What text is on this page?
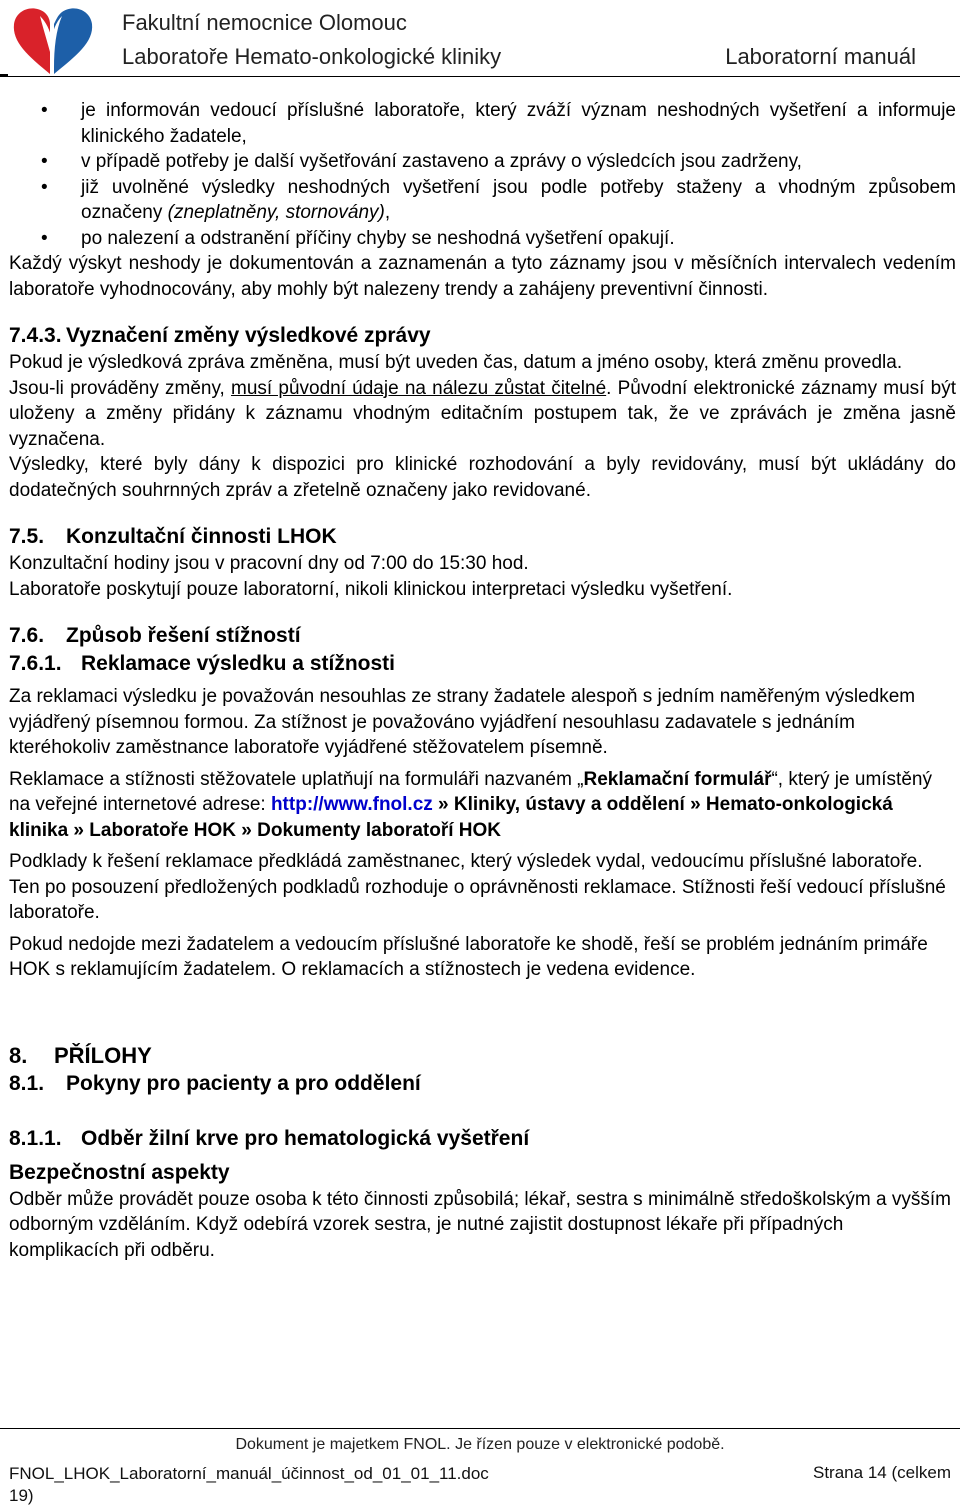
Fakultní nemocnice Olomouc
Laboratoře Hemato-onkologické kliniky	Laboratorní manuál
• je informován vedoucí příslušné laboratoře, který zváží význam neshodných vyšetření a informuje klinického žadatele,
• v případě potřeby je další vyšetřování zastaveno a zprávy o výsledcích jsou zadrženy,
• již uvolněné výsledky neshodných vyšetření jsou podle potřeby staženy a vhodným způsobem označeny (zneplatněny, stornovány),
• po nalezení a odstranění příčiny chyby se neshodná vyšetření opakují.

Každý výskyt neshody je dokumentován a zaznamenán a tyto záznamy jsou v měsíčních intervalech vedením laboratoře vyhodnocovány, aby mohly být nalezeny trendy a zahájeny preventivní činnosti.

7.4.3. Vyznačení změny výsledkové zprávy

Pokud je výsledková zpráva změněna, musí být uveden čas, datum a jméno osoby, která změnu provedla.

Jsou-li prováděny změny, musí původní údaje na nálezu zůstat čitelné. Původní elektronické záznamy musí být uloženy a změny přidány k záznamu vhodným editačním postupem tak, že ve zprávách je změna jasně vyznačena.

Výsledky, které byly dány k dispozici pro klinické rozhodování a byly revidovány, musí být ukládány do dodatečných souhrnných zpráv a zřetelně označeny jako revidované.

7.5. Konzultační činnosti LHOK

Konzultační hodiny jsou v pracovní dny od 7:00 do 15:30 hod.

Laboratoře poskytují pouze laboratorní, nikoli klinickou interpretaci výsledku vyšetření.

7.6. Způsob řešení stížností
7.6.1. Reklamace výsledku a stížnosti

Za reklamaci výsledku je považován nesouhlas ze strany žadatele alespoň s jedním naměřeným výsledkem vyjádřený písemnou formou. Za stížnost je považováno vyjádření nesouhlasu zadavatele s jednáním kteréhokoliv zaměstnance laboratoře vyjádřené stěžovatelem písemně.

Reklamace a stížnosti stěžovatele uplatňují na formuláři nazvaném „Reklamační formulář“, který je umístěný na veřejné internetové adrese: http://www.fnol.cz » Kliniky, ústavy a oddělení » Hemato-onkologická klinika » Laboratoře HOK » Dokumenty laboratoří HOK

Podklady k řešení reklamace předkládá zaměstnanec, který výsledek vydal, vedoucímu příslušné laboratoře. Ten po posouzení předložených podkladů rozhoduje o oprávněnosti reklamace. Stížnosti řeší vedoucí příslušné laboratoře.

Pokud nedojde mezi žadatelem a vedoucím příslušné laboratoře ke shodě, řeší se problém jednáním primáře HOK s reklamujícím žadatelem. O reklamacích a stížnostech je vedena evidence.

8. PŘÍLOHY
8.1. Pokyny pro pacienty a pro oddělení
8.1.1. Odběr žilní krve pro hematologická vyšetření
Bezpečnostní aspekty

Odběr může provádět pouze osoba k této činnosti způsobilá; lékař, sestra s minimálně středoškolským a vyšším odborným vzděláním. Když odebírá vzorek sestra, je nutné zajistit dostupnost lékaře při případných komplikacích při odběru.

Dokument je majetkem FNOL. Je řízen pouze v elektronické podobě.
FNOL_LHOK_Laboratorní_manuál_účinnost_od_01_01_11.doc
19)
Strana 14 (celkem
